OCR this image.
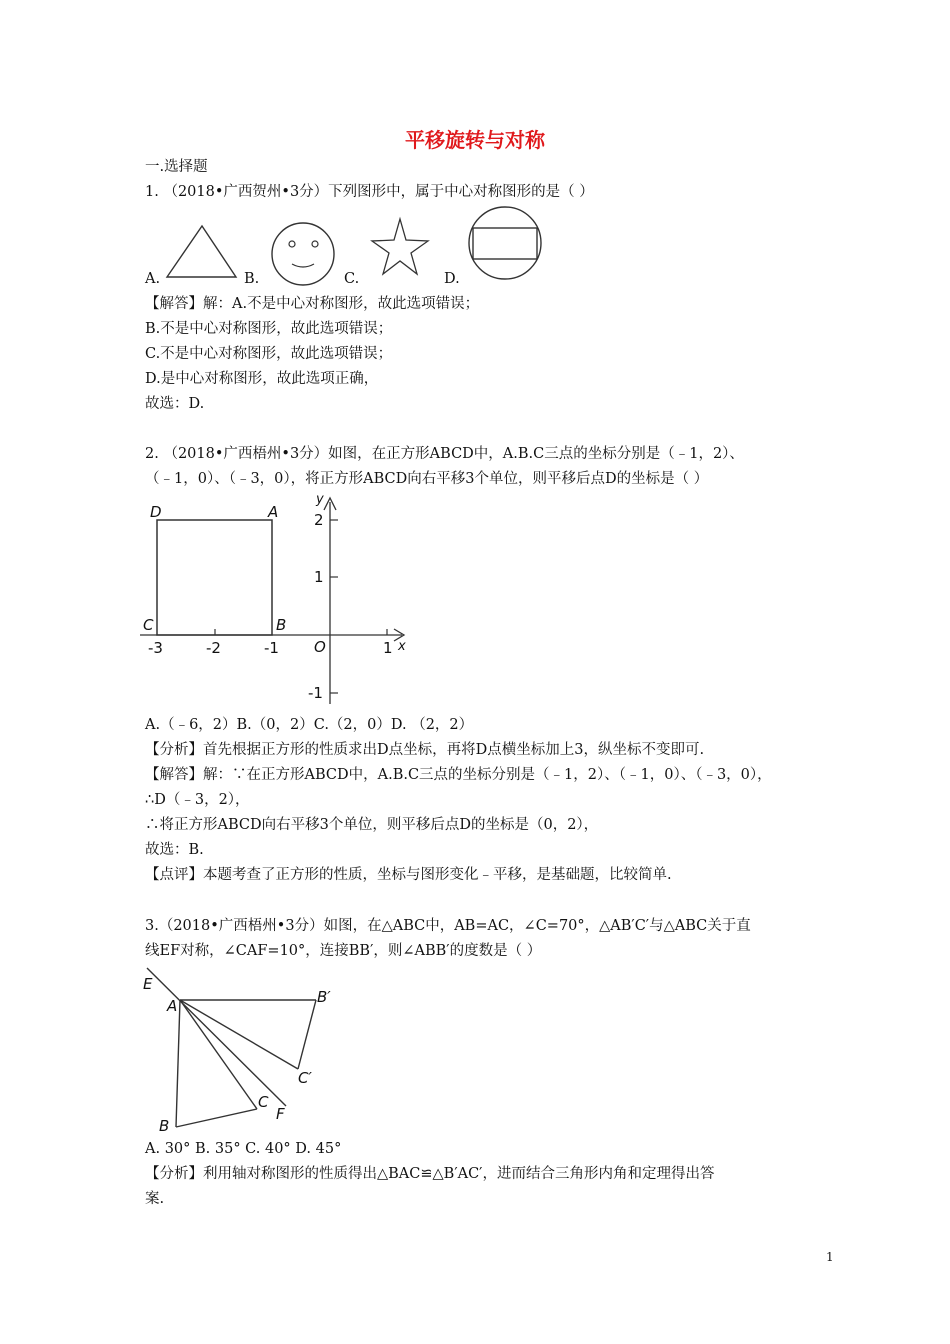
平移旋转与对称

一.选择题

1. （2018•广西贺州•3分）下列图形中，属于中心对称图形的是（ ）

A.	B.	C.	D.

【解答】解：A.不是中心对称图形，故此选项错误；

B.不是中心对称图形，故此选项错误；

C.不是中心对称图形，故此选项错误；

D.是中心对称图形，故此选项正确，

故选：D.

2. （2018•广西梧州•3分）如图，在正方形ABCD中，A.B.C三点的坐标分别是（﹣1，2）、

（﹣1，0）、（﹣3，0），将正方形ABCD向右平移3个单位，则平移后点D的坐标是（ ）

D	A
C	B
-3	-2	-1	1
2
1
-1
O	x
y

A.（﹣6，2）B.（0，2）C.（2，0）D. （2，2）

【分析】首先根据正方形的性质求出D点坐标，再将D点横坐标加上3，纵坐标不变即可.

【解答】解：∵在正方形ABCD中，A.B.C三点的坐标分别是（﹣1，2）、（﹣1，0）、（﹣3，0），

∴D（﹣3，2），

∴将正方形ABCD向右平移3个单位，则平移后点D的坐标是（0，2），

故选：B.

【点评】本题考查了正方形的性质，坐标与图形变化﹣平移，是基础题，比较简单.

3.（2018•广西梧州•3分）如图，在△ABC中，AB=AC，∠C=70°，△AB′C′与△ABC关于直

线EF对称，∠CAF=10°，连接BB′，则∠ABB′的度数是（ ）

E
A	B′
C′
B
C
F

A. 30° B. 35° C. 40° D. 45°

【分析】利用轴对称图形的性质得出△BAC≌△B′AC′，进而结合三角形内角和定理得出答

案.

1
